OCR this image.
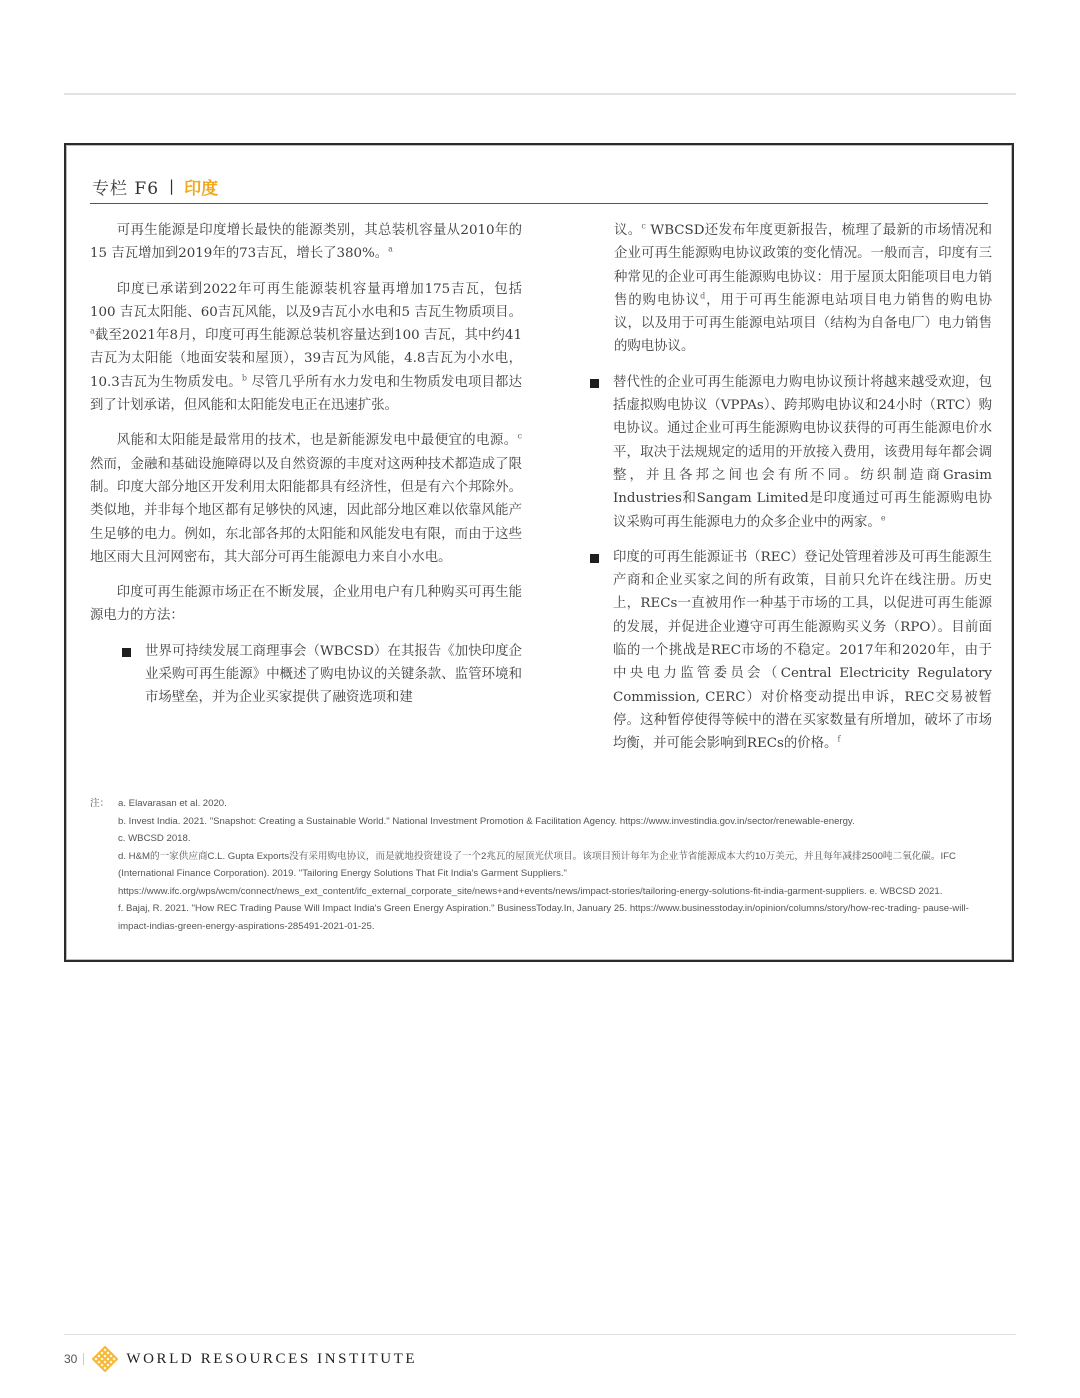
专栏 F6 | 印度

可再生能源是印度增长最快的能源类别，其总装机容量从2010年的15 吉瓦增加到2019年的73吉瓦，增长了380%。$^a$

印度已承诺到2022年可再生能源装机容量再增加175吉瓦，包括100 吉瓦太阳能、60吉瓦风能，以及9吉瓦小水电和5 吉瓦生物质项目。$^a$截至2021年8月，印度可再生能源总装机容量达到100 吉瓦，其中约41吉瓦为太阳能（地面安装和屋顶），39吉瓦为风能，4.8吉瓦为小水电，10.3吉瓦为生物质发电。$^b$ 尽管几乎所有水力发电和生物质发电项目都达到了计划承诺，但风能和太阳能发电正在迅速扩张。

风能和太阳能是最常用的技术，也是新能源发电中最便宜的电源。$^c$ 然而，金融和基础设施障碍以及自然资源的丰度对这两种技术都造成了限制。印度大部分地区开发利用太阳能都具有经济性，但是有六个邦除外。类似地，并非每个地区都有足够快的风速，因此部分地区难以依靠风能产生足够的电力。例如，东北部各邦的太阳能和风能发电有限，而由于这些地区雨大且河网密布，其大部分可再生能源电力来自小水电。

印度可再生能源市场正在不断发展，企业用电户有几种购买可再生能源电力的方法：

世界可持续发展工商理事会（WBCSD）在其报告《加快印度企业采购可再生能源》中概述了购电协议的关键条款、监管环境和市场壁垒，并为企业买家提供了融资选项和建

议。$^c$ WBCSD还发布年度更新报告，梳理了最新的市场情况和企业可再生能源购电协议政策的变化情况。一般而言，印度有三种常见的企业可再生能源购电协议：用于屋顶太阳能项目电力销售的购电协议$^d$，用于可再生能源电站项目电力销售的购电协议，以及用于可再生能源电站项目（结构为自备电厂）电力销售的购电协议。

替代性的企业可再生能源电力购电协议预计将越来越受欢迎，包括虚拟购电协议（VPPAs）、跨邦购电协议和24小时（RTC）购电协议。通过企业可再生能源购电协议获得的可再生能源电价水平，取决于法规规定的适用的开放接入费用，该费用每年都会调整，并且各邦之间也会有所不同。纺织制造商Grasim Industries和Sangam Limited是印度通过可再生能源购电协议采购可再生能源电力的众多企业中的两家。$^e$
印度的可再生能源证书（REC）登记处管理着涉及可再生能源生产商和企业买家之间的所有政策，目前只允许在线注册。历史上，RECs一直被用作一种基于市场的工具，以促进可再生能源的发展，并促进企业遵守可再生能源购买义务（RPO）。目前面临的一个挑战是REC市场的不稳定。2017年和2020年，由于中央电力监管委员会（Central Electricity Regulatory Commission, CERC）对价格变动提出申诉，REC交易被暂停。这种暂停使得等候中的潜在买家数量有所增加，破坏了市场均衡，并可能会影响到RECs的价格。$^f$
注： a. Elavarasan et al. 2020.
b. Invest India. 2021. "Snapshot: Creating a Sustainable World." National Investment Promotion & Facilitation Agency. https://www.investindia.gov.in/sector/renewable-energy.
c. WBCSD 2018.
d. H&M的一家供应商C.L. Gupta Exports没有采用购电协议，而是就地投资建设了一个2兆瓦的屋顶光伏项目。该项目预计每年为企业节省能源成本大约10万美元，并且每年减排2500吨二氧化碳。IFC (International Finance Corporation). 2019. "Tailoring Energy Solutions That Fit India's Garment Suppliers." https://www.ifc.org/wps/wcm/connect/news_ext_content/ifc_external_corporate_site/news+and+events/news/impact-stories/tailoring-energy-solutions-fit-india-garment-suppliers. e. WBCSD 2021.
f. Bajaj, R. 2021. "How REC Trading Pause Will Impact India's Green Energy Aspiration." BusinessToday.In, January 25. https://www.businesstoday.in/opinion/columns/story/how-rec-trading- pause-will-impact-indias-green-energy-aspirations-285491-2021-01-25.
30	WORLD RESOURCES INSTITUTE
